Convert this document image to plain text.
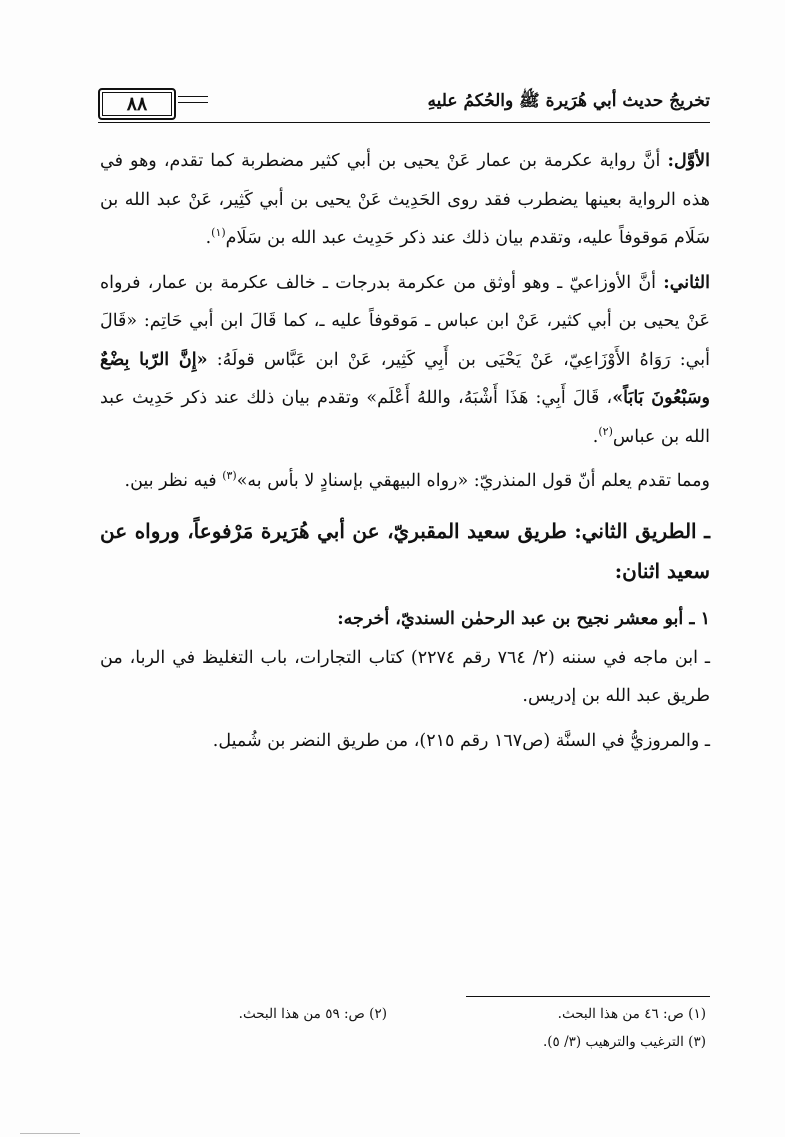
تخريجُ حديث أبي هُرَيرة ﷺ والحُكمُ عليهِ
٨٨

الأوَّل: أنَّ رواية عكرمة بن عمار عَنْ يحيى بن أبي كثير مضطربة كما تقدم، وهو في هذه الرواية بعينها يضطرب فقد روى الحَدِيث عَنْ يحيى بن أبي كَثِير، عَنْ عبد الله بن سَلَام مَوقوفاً عليه، وتقدم بيان ذلك عند ذكر حَدِيث عبد الله بن سَلَام$^{(١)}$.

الثاني: أنَّ الأوزاعيّ ـ وهو أوثق من عكرمة بدرجات ـ خالف عكرمة بن عمار، فرواه عَنْ يحيى بن أبي كثير، عَنْ ابن عباس ـ مَوقوفاً عليه ـ، كما قَالَ ابن أبي حَاتِم: «قَالَ أبي: رَوَاهُ الأَوْزَاعِيّ، عَنْ يَحْيَى بن أَبِي كَثِير، عَنْ ابن عَبَّاس قولَهُ: «إِنَّ الرّبا بِضْعٌ وسَبْعُونَ بَابَاً»، قَالَ أَبِي: هَذَا أَشْبَهُ، واللهُ أَعْلَم» وتقدم بيان ذلك عند ذكر حَدِيث عبد الله بن عباس$^{(٢)}$.

ومما تقدم يعلم أنّ قول المنذريّ: «رواه البيهقي بإسنادٍ لا بأس به»$^{(٣)}$ فيه نظر بين.

ـ الطريق الثاني: طريق سعيد المقبريّ، عن أبي هُرَيرة مَرْفوعاً، ورواه عن سعيد اثنان:
١ ـ أبو معشر نجيح بن عبد الرحمٰن السنديّ، أخرجه:

ـ ابن ماجه في سننه (٢/ ٧٦٤ رقم ٢٢٧٤) كتاب التجارات، باب التغليظ في الربا، من طريق عبد الله بن إدريس.

ـ والمروزيُّ في السنَّة (ص١٦٧ رقم ٢١٥)، من طريق النضر بن شُميل.

(١) ص: ٤٦ من هذا البحث.
(٢) ص: ٥٩ من هذا البحث.
(٣) الترغيب والترهيب (٣/ ٥).
